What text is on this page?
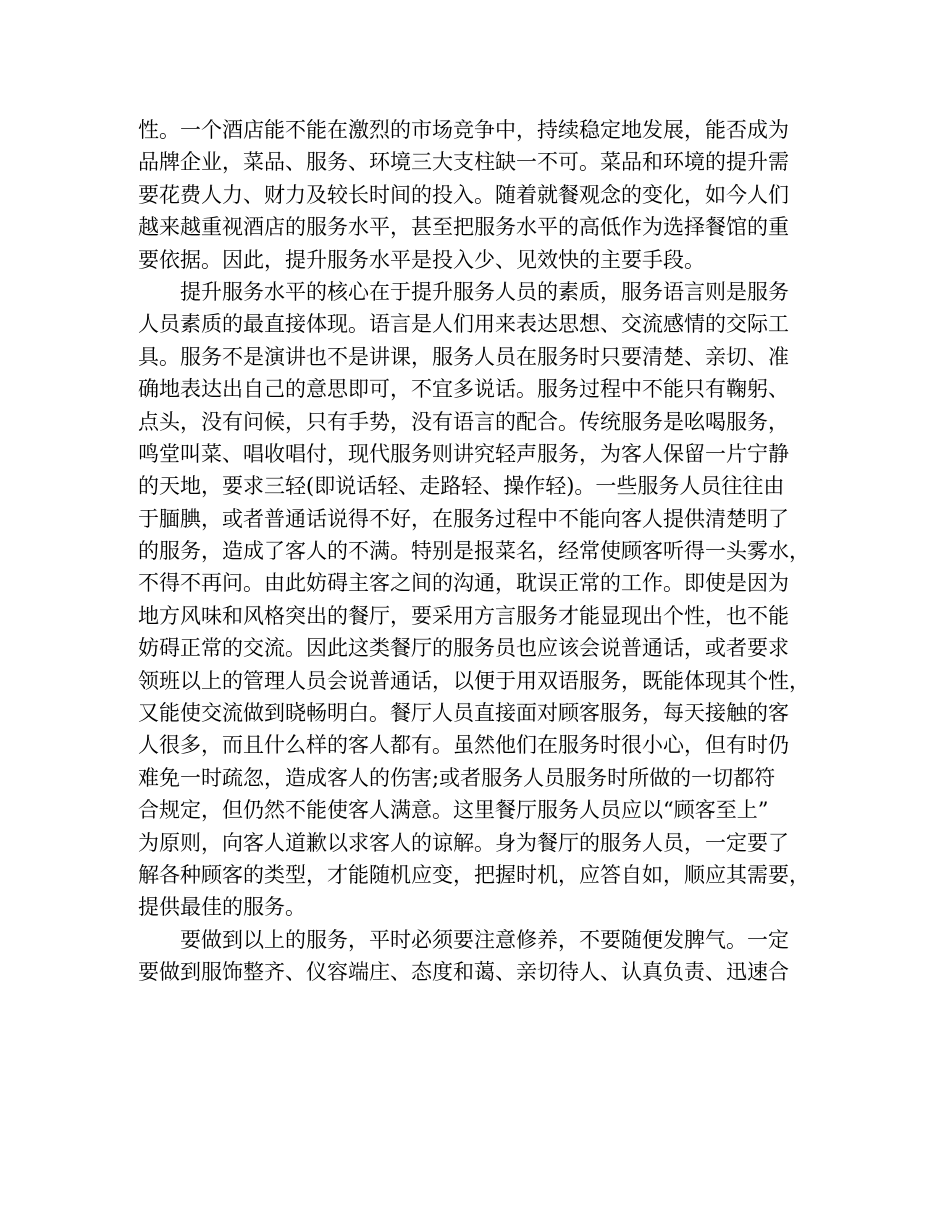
性。一个酒店能不能在激烈的市场竞争中，持续稳定地发展，能否成为
品牌企业，菜品、服务、环境三大支柱缺一不可。菜品和环境的提升需
要花费人力、财力及较长时间的投入。随着就餐观念的变化，如今人们
越来越重视酒店的服务水平，甚至把服务水平的高低作为选择餐馆的重
要依据。因此，提升服务水平是投入少、见效快的主要手段。
提升服务水平的核心在于提升服务人员的素质，服务语言则是服务
人员素质的最直接体现。语言是人们用来表达思想、交流感情的交际工
具。服务不是演讲也不是讲课，服务人员在服务时只要清楚、亲切、准
确地表达出自己的意思即可，不宜多说话。服务过程中不能只有鞠躬、
点头，没有问候，只有手势，没有语言的配合。传统服务是吆喝服务，
鸣堂叫菜、唱收唱付，现代服务则讲究轻声服务，为客人保留一片宁静
的天地，要求三轻(即说话轻、走路轻、操作轻)。一些服务人员往往由
于腼腆，或者普通话说得不好，在服务过程中不能向客人提供清楚明了
的服务，造成了客人的不满。特别是报菜名，经常使顾客听得一头雾水，
不得不再问。由此妨碍主客之间的沟通，耽误正常的工作。即使是因为
地方风味和风格突出的餐厅，要采用方言服务才能显现出个性，也不能
妨碍正常的交流。因此这类餐厅的服务员也应该会说普通话，或者要求
领班以上的管理人员会说普通话，以便于用双语服务，既能体现其个性，
又能使交流做到晓畅明白。餐厅人员直接面对顾客服务，每天接触的客
人很多，而且什么样的客人都有。虽然他们在服务时很小心，但有时仍
难免一时疏忽，造成客人的伤害;或者服务人员服务时所做的一切都符
合规定，但仍然不能使客人满意。这里餐厅服务人员应以“顾客至上”
为原则，向客人道歉以求客人的谅解。身为餐厅的服务人员，一定要了
解各种顾客的类型，才能随机应变，把握时机，应答自如，顺应其需要，
提供最佳的服务。
要做到以上的服务，平时必须要注意修养，不要随便发脾气。一定
要做到服饰整齐、仪容端庄、态度和蔼、亲切待人、认真负责、迅速合
